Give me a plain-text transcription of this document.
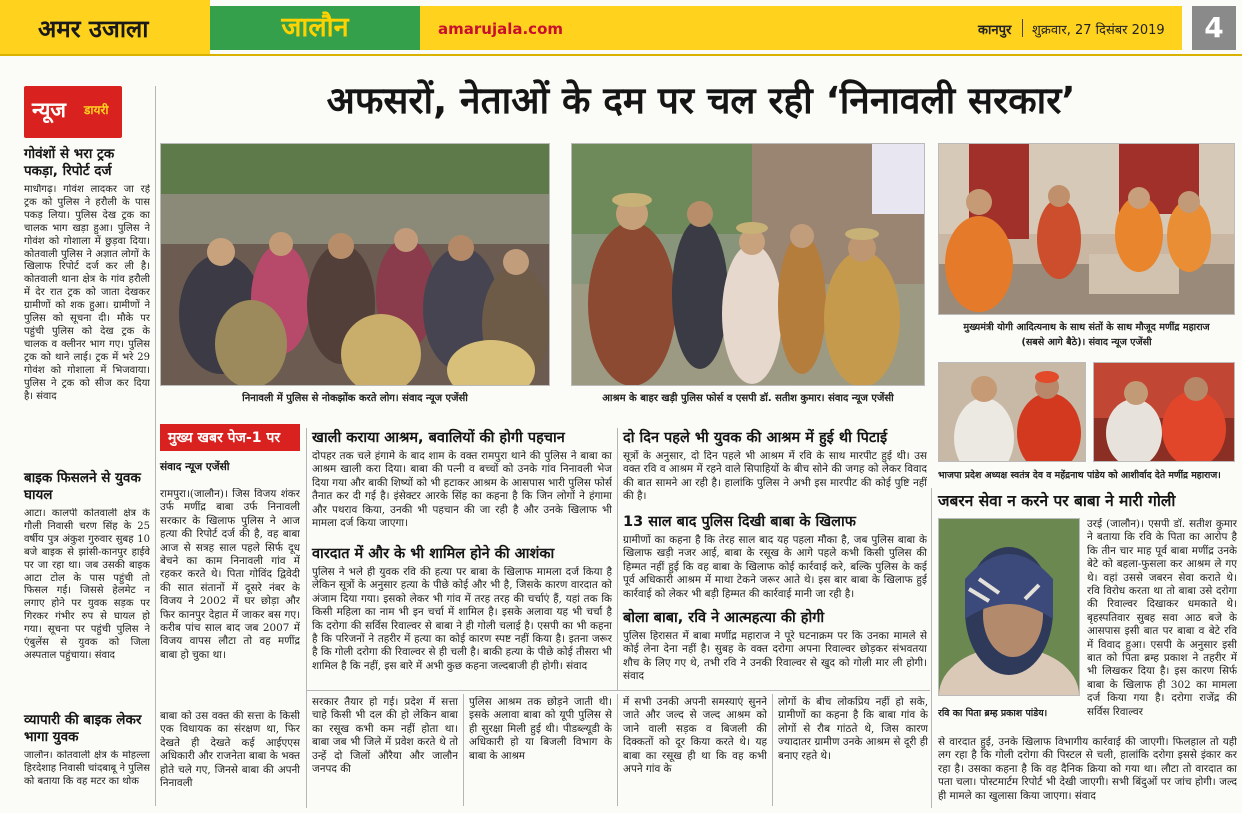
अमर उजाला	जालौन	amarujala.com	कानपुर शुक्रवार, 27 दिसंबर 2019	4
न्यूज डायरी
गोवंशों से भरा ट्रक पकड़ा, रिपोर्ट दर्ज
माधौगढ़। गोवंश लादकर जा रहे ट्रक को पुलिस ने हरौली के पास पकड़ लिया। पुलिस देख ट्रक का चालक भाग खड़ा हुआ। पुलिस ने गोवंश को गोशाला में छुड़वा दिया। कोतवाली पुलिस ने अज्ञात लोगों के खिलाफ रिपोर्ट दर्ज कर ली है। कोतवाली थाना क्षेत्र के गांव हरौली में देर रात ट्रक को जाता देखकर ग्रामीणों को शक हुआ। ग्रामीणों ने पुलिस को सूचना दी। मौके पर पहुंची पुलिस को देख ट्रक के चालक व क्लीनर भाग गए। पुलिस ट्रक को थाने लाई। ट्रक में भरे 29 गोवंश को गोशाला में भिजवाया। पुलिस ने ट्रक को सीज कर दिया है। संवाद
बाइक फिसलने से युवक घायल
आटा। कालपी कोतवाली क्षेत्र के गौली निवासी चरण सिंह के 25 वर्षीय पुत्र अंकुश गुरुवार सुबह 10 बजे बाइक से झांसी-कानपुर हाईवे पर जा रहा था। जब उसकी बाइक आटा टोल के पास पहुंची तो फिसल गई। जिससे हेलमेट न लगाए होने पर युवक सड़क पर गिरकर गंभीर रुप से घायल हो गया। सूचना पर पहुंची पुलिस ने एंबुलेंस से युवक को जिला अस्पताल पहुंचाया। संवाद
व्यापारी की बाइक लेकर भागा युवक
जालौन। कोतवाली क्षेत्र के मोहल्ला हिरदेशाह निवासी चांदबाबू ने पुलिस को बताया कि वह मटर का थोक
अफसरों, नेताओं के दम पर चल रही ‘निनावली सरकार’
निनावली में पुलिस से नोकझोंक करते लोग। संवाद न्यूज एजेंसी	आश्रम के बाहर खड़ी पुलिस फोर्स व एसपी डॉ. सतीश कुमार। संवाद न्यूज एजेंसी
मुख्यमंत्री योगी आदित्यनाथ के साथ संतों के साथ मौजूद मणींद्र महाराज
(सबसे आगे बैठे)। संवाद न्यूज एजेंसी
भाजपा प्रदेश अध्यक्ष स्वतंत्र देव व महेंद्रनाथ पांडेय को आशीर्वाद देते मणींद्र महाराज।
मुख्य खबर पेज-1 पर
संवाद न्यूज एजेंसी
रामपुरा।(जालौन)। जिस विजय शंकर उर्फ मणींद्र बाबा उर्फ निनावली सरकार के खिलाफ पुलिस ने आज हत्या की रिपोर्ट दर्ज की है, वह बाबा आज से सत्रह साल पहले सिर्फ दूध बेचने का काम निनावली गांव में रहकर करते थे। पिता गोविंद द्विवेदी की सात संतानों में दूसरे नंबर के विजय ने 2002 में घर छोड़ा और फिर कानपुर देहात में जाकर बस गए। करीब पांच साल बाद जब 2007 में विजय वापस लौटा तो वह मणींद्र बाबा हो चुका था।
बाबा को उस वक्त की सत्ता के किसी एक विधायक का संरक्षण था, फिर देखते ही देखते कई आईएएस अधिकारी और राजनेता बाबा के भक्त होते चले गए, जिनसे बाबा की अपनी निनावली
खाली कराया आश्रम, बवालियों की होगी पहचान
दोपहर तक चले हंगामे के बाद शाम के वक्त रामपुरा थाने की पुलिस ने बाबा का आश्रम खाली करा दिया। बाबा की पत्नी व बच्चों को उनके गांव निनावली भेज दिया गया और बाकी शिष्यों को भी हटाकर आश्रम के आसपास भारी पुलिस फोर्स तैनात कर दी गई है। इंसेक्टर आरके सिंह का कहना है कि जिन लोगों ने हंगामा और पथराव किया, उनकी भी पहचान की जा रही है और उनके खिलाफ भी मामला दर्ज किया जाएगा।
वारदात में और के भी शामिल होने की आशंका
पुलिस ने भले ही युवक रवि की हत्या पर बाबा के खिलाफ मामला दर्ज किया है लेकिन सूत्रों के अनुसार हत्या के पीछे कोई और भी है, जिसके कारण वारदात को अंजाम दिया गया। इसको लेकर भी गांव में तरह तरह की चर्चाएं हैं, यहां तक कि किसी महिला का नाम भी इन चर्चा में शामिल है। इसके अलावा यह भी चर्चा है कि दरोगा की सर्विस रिवाल्वर से बाबा ने ही गोली चलाई है। एसपी का भी कहना है कि परिजनों ने तहरीर में हत्या का कोई कारण स्पष्ट नहीं किया है। इतना जरूर है कि गोली दरोगा की रिवाल्वर से ही चली है। बाकी हत्या के पीछे कोई तीसरा भी शामिल है कि नहीं, इस बारे में अभी कुछ कहना जल्दबाजी ही होगी। संवाद
दो दिन पहले भी युवक की आश्रम में हुई थी पिटाई
सूत्रों के अनुसार, दो दिन पहले भी आश्रम में रवि के साथ मारपीट हुई थी। उस वक्त रवि व आश्रम में रहने वाले सिपाहियों के बीच सोने की जगह को लेकर विवाद की बात सामने आ रही है। हालांकि पुलिस ने अभी इस मारपीट की कोई पुष्टि नहीं की है।
13 साल बाद पुलिस दिखी बाबा के खिलाफ
ग्रामीणों का कहना है कि तेरह साल बाद यह पहला मौका है, जब पुलिस बाबा के खिलाफ खड़ी नजर आई, बाबा के रसूख के आगे पहले कभी किसी पुलिस की हिम्मत नहीं हुई कि वह बाबा के खिलाफ कोई कार्रवाई करे, बल्कि पुलिस के कई पूर्व अधिकारी आश्रम में माथा टेकने जरूर आते थे। इस बार बाबा के खिलाफ हुई कार्रवाई को लेकर भी बड़ी हिम्मत की कार्रवाई मानी जा रही है।
बोला बाबा, रवि ने आत्महत्या की होगी
पुलिस हिरासत में बाबा मणींद्र महाराज ने पूरे घटनाक्रम पर कि उनका मामले से कोई लेना देना नहीं है। सुबह के वक्त दरोगा अपना रिवाल्वर छोड़कर संभवतया शौच के लिए गए थे, तभी रवि ने उनकी रिवाल्वर से खुद को गोली मार ली होगी। संवाद
सरकार तैयार हो गई। प्रदेश में सत्ता चाहे किसी भी दल की हो लेकिन बाबा का रसूख कभी कम नहीं होता था। बाबा जब भी जिले में प्रवेश करते थे तो उन्हें दो जिलों औरैया और जालौन जनपद की
पुलिस आश्रम तक छोड़ने जाती थी। इसके अलावा बाबा को यूपी पुलिस से ही सुरक्षा मिली हुई थी। पीडब्ल्यूडी के अधिकारी हो या बिजली विभाग के बाबा के आश्रम
में सभी उनकी अपनी समस्याएं सुनने जाते और जल्द से जल्द आश्रम को जाने वाली सड़क व बिजली की दिक्कतों को दूर किया करते थे। यह बाबा का रसूख ही था कि वह कभी अपने गांव के
लोगों के बीच लोकप्रिय नहीं हो सके, ग्रामीणों का कहना है कि बाबा गांव के लोगों से रौब गांठते थे, जिस कारण ज्यादातर ग्रामीण उनके आश्रम से दूरी ही बनाए रहते थे।
जबरन सेवा न करने पर बाबा ने मारी गोली
रवि का पिता ब्रम्ह प्रकाश पांडेय।
उरई (जालौन)। एसपी डॉ. सतीश कुमार ने बताया कि रवि के पिता का आरोप है कि तीन चार माह पूर्व बाबा मणींद्र उनके बेटे को बहला-फुसला कर आश्रम ले गए थे। वहां उससे जबरन सेवा कराते थे। रवि विरोध करता था तो बाबा उसे दरोगा की रिवाल्वर दिखाकर धमकाते थे। बृहस्पतिवार सुबह सवा आठ बजे के आसपास इसी बात पर बाबा व बेटे रवि में विवाद हुआ। एसपी के अनुसार इसी बात को पिता ब्रम्ह प्रकाश ने तहरीर में भी लिखकर दिया है। इस कारण सिर्फ बाबा के खिलाफ ही 302 का मामला दर्ज किया गया है। दरोगा राजेंद्र की सर्विस रिवाल्वर
से वारदात हुई, उनके खिलाफ विभागीय कार्रवाई की जाएगी। फिलहाल तो यही लग रहा है कि गोली दरोगा की पिस्टल से चली, हालांकि दरोगा इससे इंकार कर रहा है। उसका कहना है कि वह दैनिक क्रिया को गया था। लौटा तो वारदात का पता चला। पोस्टमार्टम रिपोर्ट भी देखी जाएगी। सभी बिंदुओं पर जांच होगी। जल्द ही मामले का खुलासा किया जाएगा। संवाद
